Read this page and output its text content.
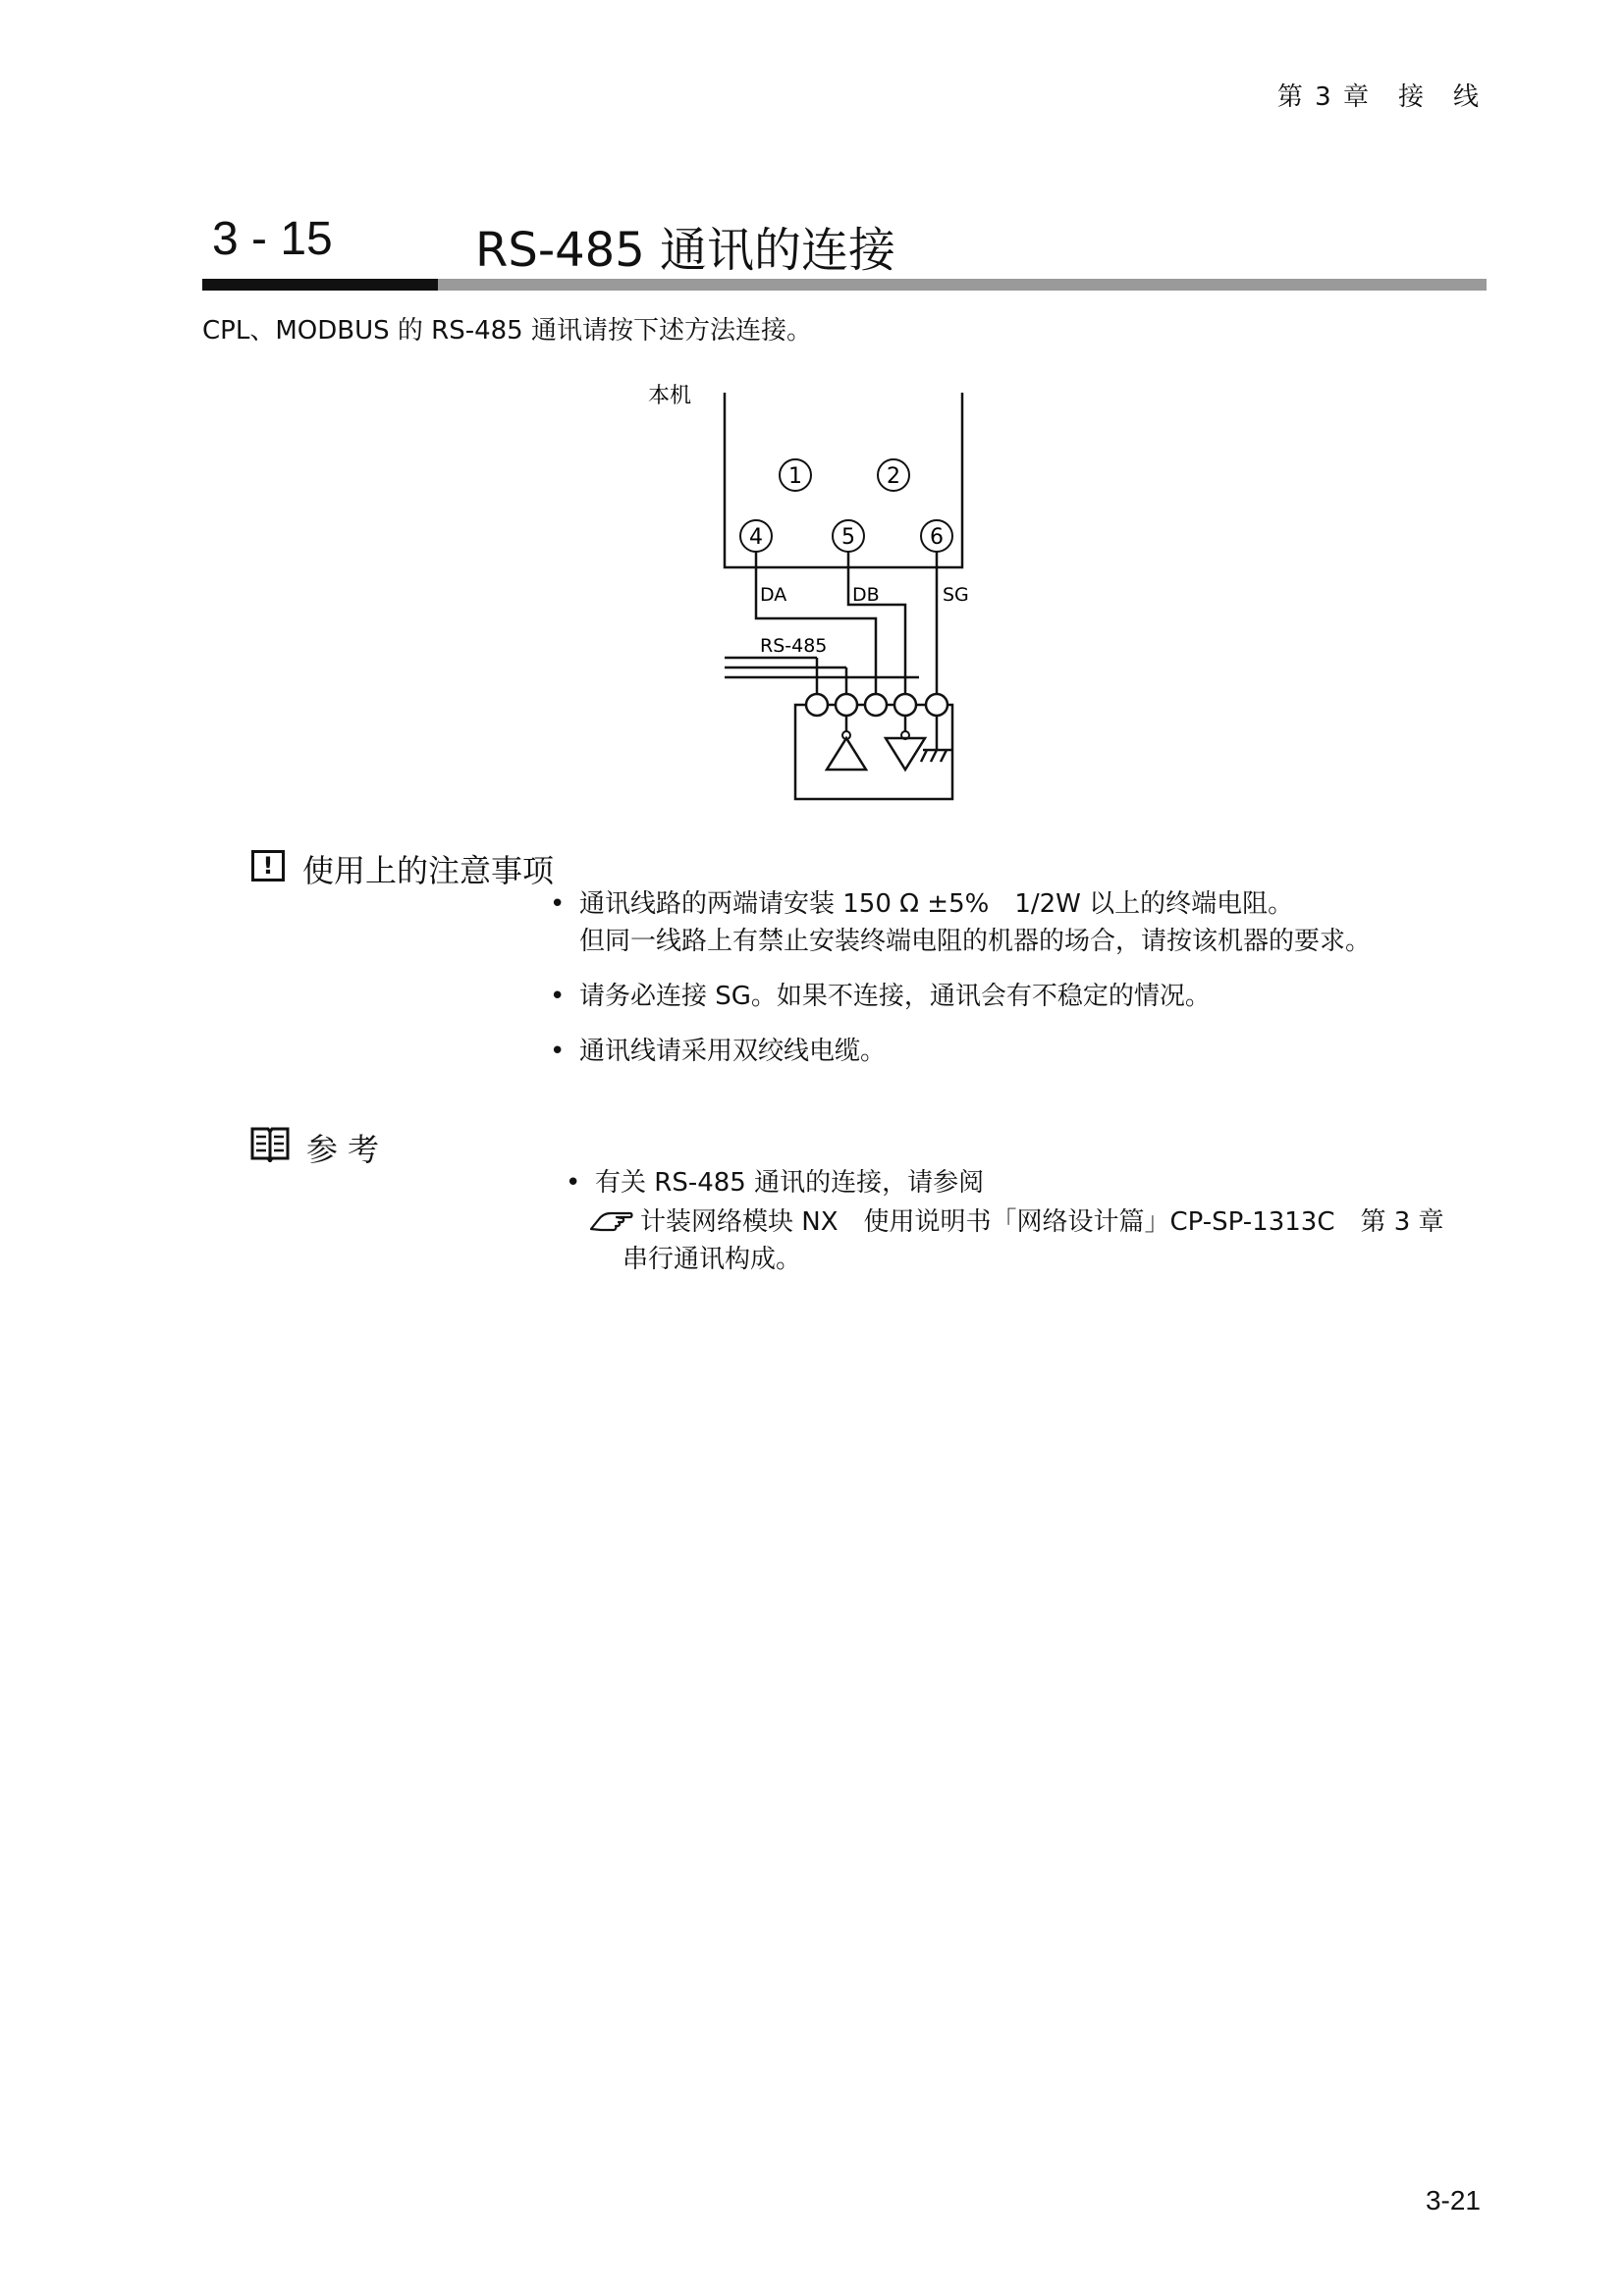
第 3 章　接　线
3 - 15	RS-485 通讯的连接
CPL、MODBUS 的 RS-485 通讯请按下述方法连接。
本机
1	2
4	5	6
DA	DB	SG
RS-485
! 使用上的注意事项
• 通讯线路的两端请安装 150 Ω ±5%　1/2W 以上的终端电阻。
但同一线路上有禁止安装终端电阻的机器的场合，请按该机器的要求。
• 请务必连接 SG。如果不连接，通讯会有不稳定的情况。
• 通讯线请采用双绞线电缆。
参考
• 有关 RS-485 通讯的连接，请参阅
计装网络模块 NX　使用说明书「网络设计篇」CP-SP-1313C　第 3 章
串行通讯构成。
3-21
